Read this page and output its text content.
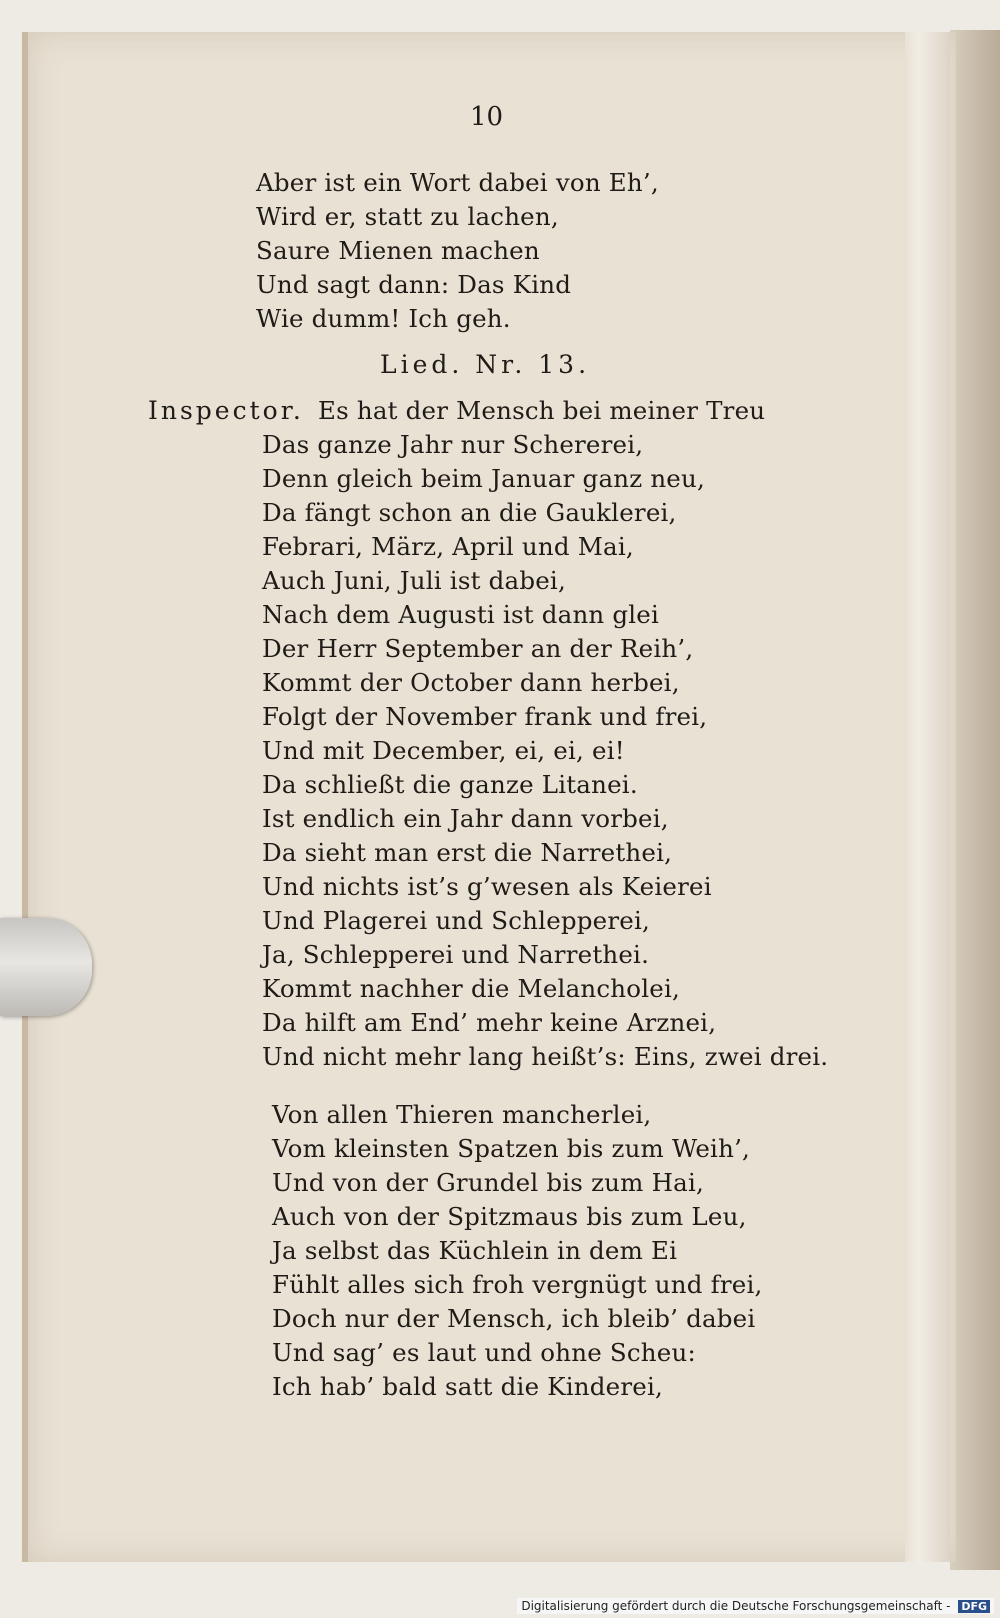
10
Aber ist ein Wort dabei von Eh’,
Wird er, statt zu lachen,
Saure Mienen machen
Und sagt dann: Das Kind
Wie dumm! Ich geh.
Lied. Nr. 13.
Inspector. Es hat der Mensch bei meiner Treu
Das ganze Jahr nur Schererei,
Denn gleich beim Januar ganz neu,
Da fängt schon an die Gauklerei,
Febrari, März, April und Mai,
Auch Juni, Juli ist dabei,
Nach dem Augusti ist dann glei
Der Herr September an der Reih’,
Kommt der October dann herbei,
Folgt der November frank und frei,
Und mit December, ei, ei, ei!
Da schließt die ganze Litanei.
Ist endlich ein Jahr dann vorbei,
Da sieht man erst die Narrethei,
Und nichts ist’s g’wesen als Keierei
Und Plagerei und Schlepperei,
Ja, Schlepperei und Narrethei.
Kommt nachher die Melancholei,
Da hilft am End’ mehr keine Arznei,
Und nicht mehr lang heißt’s: Eins, zwei drei.
Von allen Thieren mancherlei,
Vom kleinsten Spatzen bis zum Weih’,
Und von der Grundel bis zum Hai,
Auch von der Spitzmaus bis zum Leu,
Ja selbst das Küchlein in dem Ei
Fühlt alles sich froh vergnügt und frei,
Doch nur der Mensch, ich bleib’ dabei
Und sag’ es laut und ohne Scheu:
Ich hab’ bald satt die Kinderei,
Digitalisierung gefördert durch die Deutsche Forschungsgemeinschaft - DFG
